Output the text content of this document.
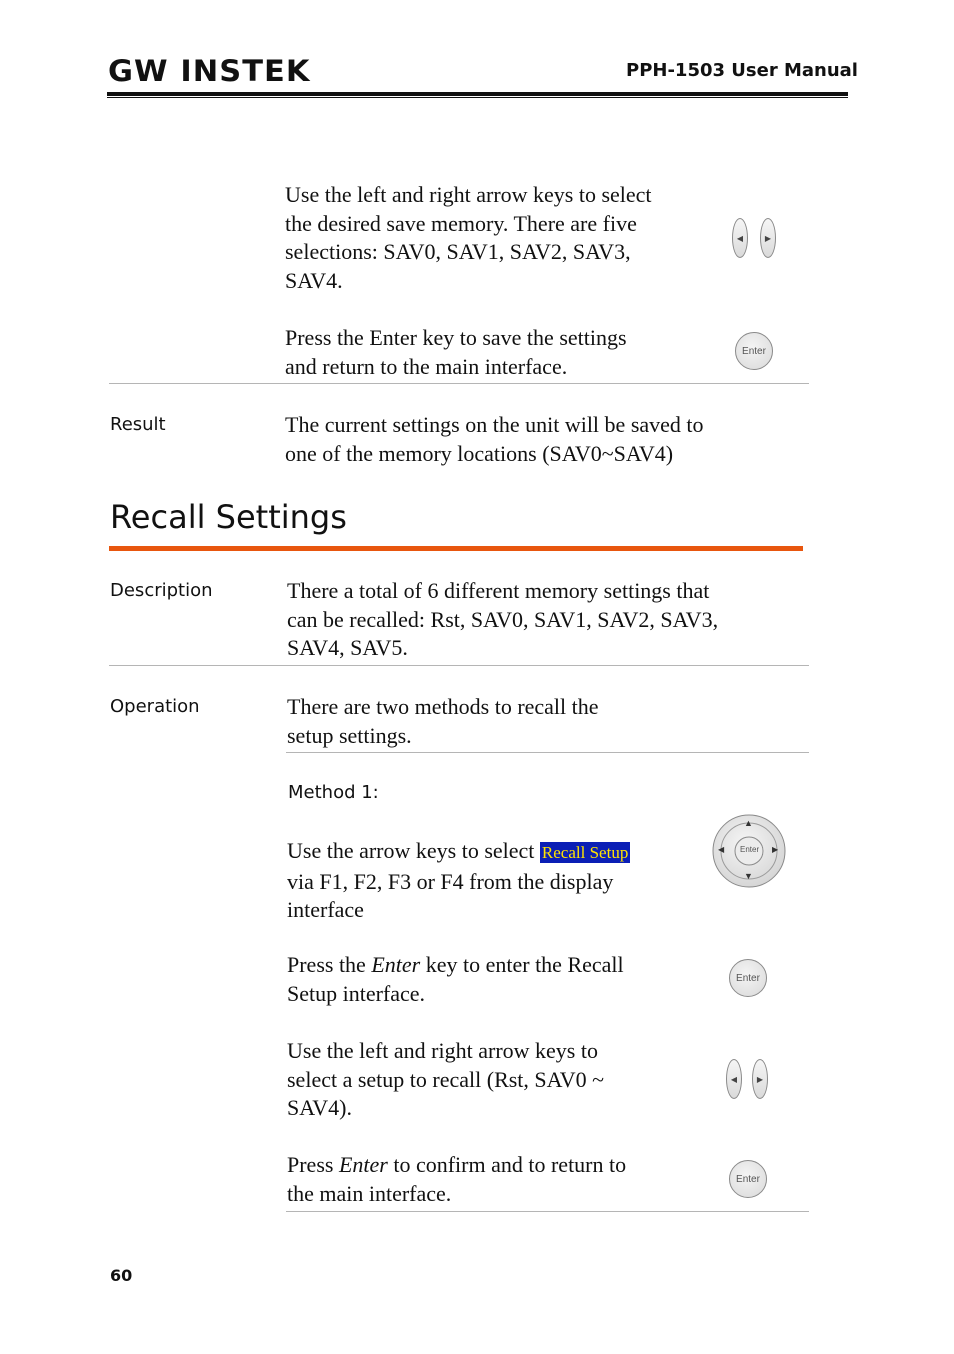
GW INSTEK	PPH-1503 User Manual
Use the left and right arrow keys to select
the desired save memory. There are five
selections: SAV0, SAV1, SAV2, SAV3,
SAV4.
◀	▶
Press the Enter key to save the settings
and return to the main interface.
Enter
Result	The current settings on the unit will be saved to
one of the memory locations (SAV0~SAV4)
Recall Settings
Description	There a total of 6 different memory settings that
can be recalled: Rst, SAV0, SAV1, SAV2, SAV3,
SAV4, SAV5.
Operation	There are two methods to recall the
setup settings.
Method 1:
Use the arrow keys to select Recall Setup
via F1, F2, F3 or F4 from the display
interface
Enter
▲
▼
◀	▶
Press the Enter key to enter the Recall
Setup interface.
Enter
Use the left and right arrow keys to
select a setup to recall (Rst, SAV0 ~
SAV4).
◀	▶
Press Enter to confirm and to return to
the main interface.
Enter
60
